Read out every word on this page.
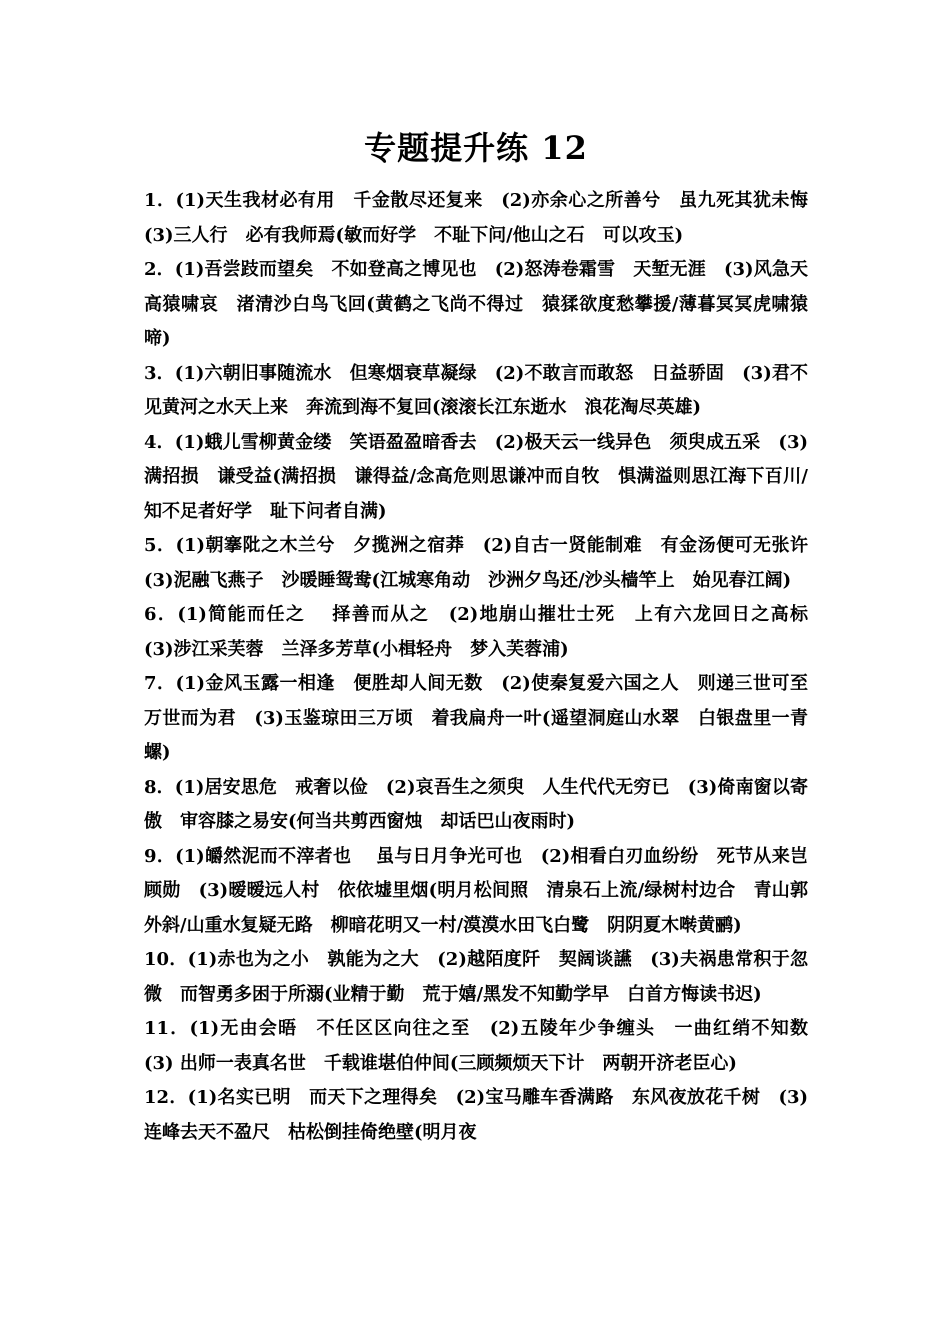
专题提升练 12

1．(1)天生我材必有用　千金散尽还复来　(2)亦余心之所善兮　虽九死其犹未悔　(3)三人行　必有我师焉(敏而好学　不耻下问/他山之石　可以攻玉)

2．(1)吾尝跂而望矣　不如登高之博见也　(2)怒涛卷霜雪　天堑无涯　(3)风急天高猿啸哀　渚清沙白鸟飞回(黄鹤之飞尚不得过　猿猱欲度愁攀援/薄暮冥冥虎啸猿啼)

3．(1)六朝旧事随流水　但寒烟衰草凝绿　(2)不敢言而敢怒　日益骄固　(3)君不见黄河之水天上来　奔流到海不复回(滚滚长江东逝水　浪花淘尽英雄)

4．(1)蛾儿雪柳黄金缕　笑语盈盈暗香去　(2)极天云一线异色　须臾成五采　(3)满招损　谦受益(满招损　谦得益/念高危则思谦冲而自牧　惧满溢则思江海下百川/知不足者好学　耻下问者自满)

5．(1)朝搴阰之木兰兮　夕揽洲之宿莽　(2)自古一贤能制难　有金汤便可无张许　(3)泥融飞燕子　沙暖睡鸳鸯(江城寒角动　沙洲夕鸟还/沙头樯竿上　始见春江阔)

6．(1)简能而任之　 择善而从之　(2)地崩山摧壮士死　上有六龙回日之高标　(3)涉江采芙蓉　兰泽多芳草(小楫轻舟　梦入芙蓉浦)

7．(1)金风玉露一相逢　便胜却人间无数　(2)使秦复爱六国之人　则递三世可至万世而为君　(3)玉鉴琼田三万顷　着我扁舟一叶(遥望洞庭山水翠　白银盘里一青螺)

8．(1)居安思危　戒奢以俭　(2)哀吾生之须臾　人生代代无穷已　(3)倚南窗以寄傲　审容膝之易安(何当共剪西窗烛　却话巴山夜雨时)

9．(1)皭然泥而不滓者也　 虽与日月争光可也　(2)相看白刃血纷纷　死节从来岂顾勋　(3)暧暧远人村　依依墟里烟(明月松间照　清泉石上流/绿树村边合　青山郭外斜/山重水复疑无路　柳暗花明又一村/漠漠水田飞白鹭　阴阴夏木啭黄鹂)

10．(1)赤也为之小　孰能为之大　(2)越陌度阡　契阔谈讌　(3)夫祸患常积于忽微　而智勇多困于所溺(业精于勤　荒于嬉/黑发不知勤学早　白首方悔读书迟)

11．(1)无由会晤　不任区区向往之至　(2)五陵年少争缠头　一曲红绡不知数　(3) 出师一表真名世　千载谁堪伯仲间(三顾频烦天下计　两朝开济老臣心)

12．(1)名实已明　而天下之理得矣　(2)宝马雕车香满路　东风夜放花千树　(3)连峰去天不盈尺　枯松倒挂倚绝壁(明月夜
